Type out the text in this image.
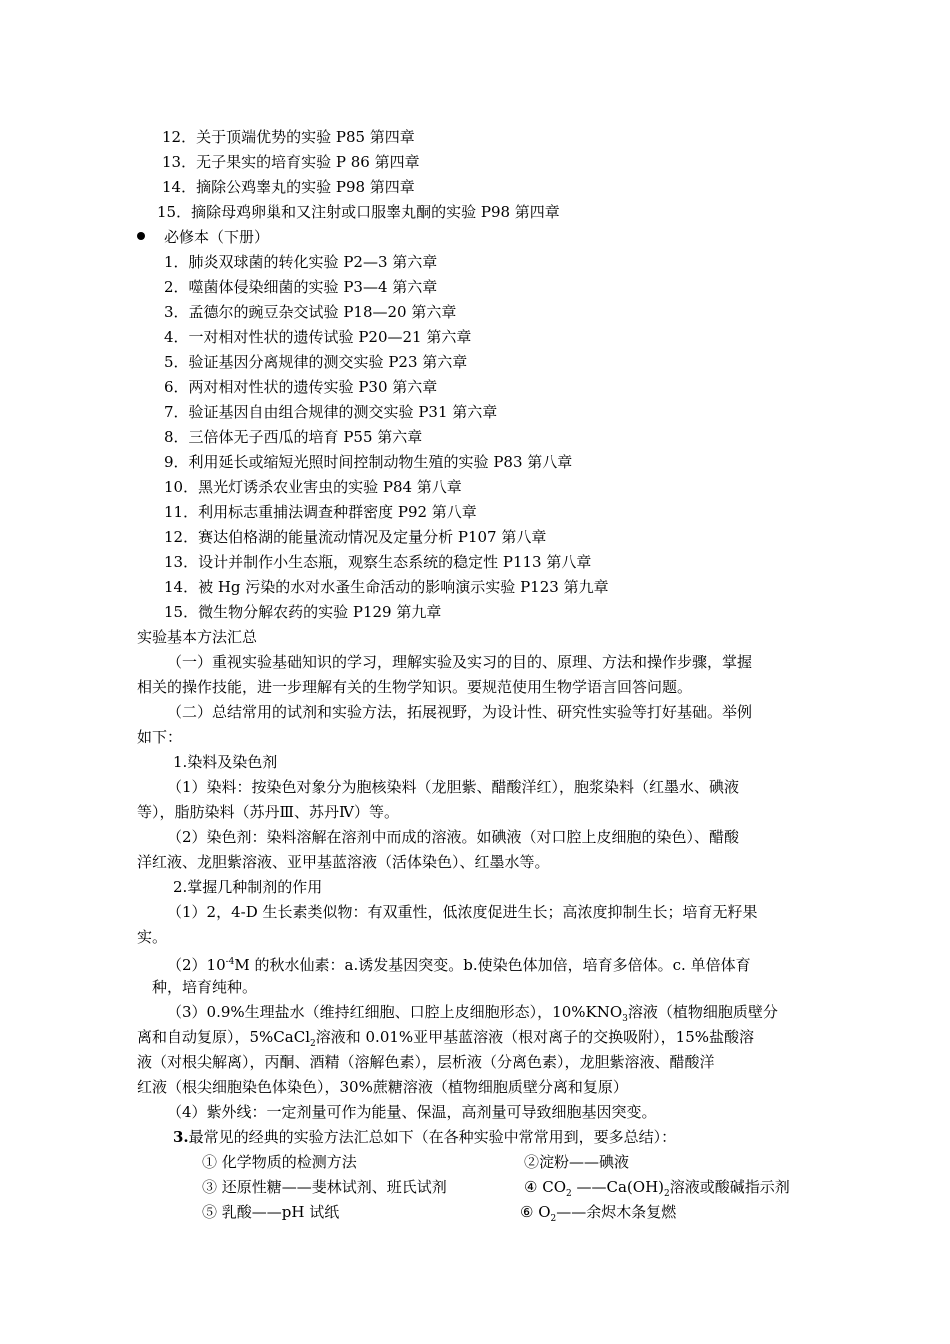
12．关于顶端优势的实验 P85 第四章
13．无子果实的培育实验 P 86 第四章
14．摘除公鸡睾丸的实验 P98 第四章
15．摘除母鸡卵巢和又注射或口服睾丸酮的实验 P98 第四章
必修本（下册）
1．肺炎双球菌的转化实验 P2—3 第六章
2．噬菌体侵染细菌的实验 P3—4 第六章
3．孟德尔的豌豆杂交试验 P18—20 第六章
4．一对相对性状的遗传试验 P20—21 第六章
5．验证基因分离规律的测交实验 P23 第六章
6．两对相对性状的遗传实验 P30 第六章
7．验证基因自由组合规律的测交实验 P31 第六章
8．三倍体无子西瓜的培育 P55 第六章
9．利用延长或缩短光照时间控制动物生殖的实验 P83 第八章
10．黑光灯诱杀农业害虫的实验 P84 第八章
11．利用标志重捕法调查种群密度 P92 第八章
12．赛达伯格湖的能量流动情况及定量分析 P107 第八章
13．设计并制作小生态瓶，观察生态系统的稳定性 P113 第八章
14．被 Hg 污染的水对水蚤生命活动的影响演示实验 P123 第九章
15．微生物分解农药的实验 P129 第九章
实验基本方法汇总
（一）重视实验基础知识的学习，理解实验及实习的目的、原理、方法和操作步骤，掌握
相关的操作技能，进一步理解有关的生物学知识。要规范使用生物学语言回答问题。
（二）总结常用的试剂和实验方法，拓展视野，为设计性、研究性实验等打好基础。举例
如下：
1.染料及染色剂
（1）染料：按染色对象分为胞核染料（龙胆紫、醋酸洋红），胞浆染料（红墨水、碘液
等），脂肪染料（苏丹Ⅲ、苏丹Ⅳ）等。
（2）染色剂：染料溶解在溶剂中而成的溶液。如碘液（对口腔上皮细胞的染色）、醋酸
洋红液、龙胆紫溶液、亚甲基蓝溶液（活体染色）、红墨水等。
2.掌握几种制剂的作用
（1）2，4-D 生长素类似物：有双重性，低浓度促进生长；高浓度抑制生长；培育无籽果
实。
$(2)10^{-4}M$ 的秋水仙素：a.诱发基因突变。b.使染色体加倍，培育多倍体。c. 单倍体育
种，培育纯种。
（3）0.9%生理盐水（维持红细胞、口腔上皮细胞形态），$10\%KNO_3$溶液（植物细胞质壁分
离和自动复原），5%CaCl$_2$溶液和 0.01%亚甲基蓝溶液（根对离子的交换吸附），15%盐酸溶
液（对根尖解离），丙酮、酒精（溶解色素），层析液（分离色素），龙胆紫溶液、醋酸洋
红液（根尖细胞染色体染色），30%蔗糖溶液（植物细胞质壁分离和复原）
（4）紫外线：一定剂量可作为能量、保温，高剂量可导致细胞基因突变。
3.最常见的经典的实验方法汇总如下（在各种实验中常常用到，要多总结）：
① 化学物质的检测方法	②淀粉——碘液
③ 还原性糖——斐林试剂、班氏试剂	④ $CO_2$ $——Ca(OH)_2$溶液或酸碱指示剂
⑤ 乳酸——pH 试纸	⑥ $O_2——$余烬木条复燃
